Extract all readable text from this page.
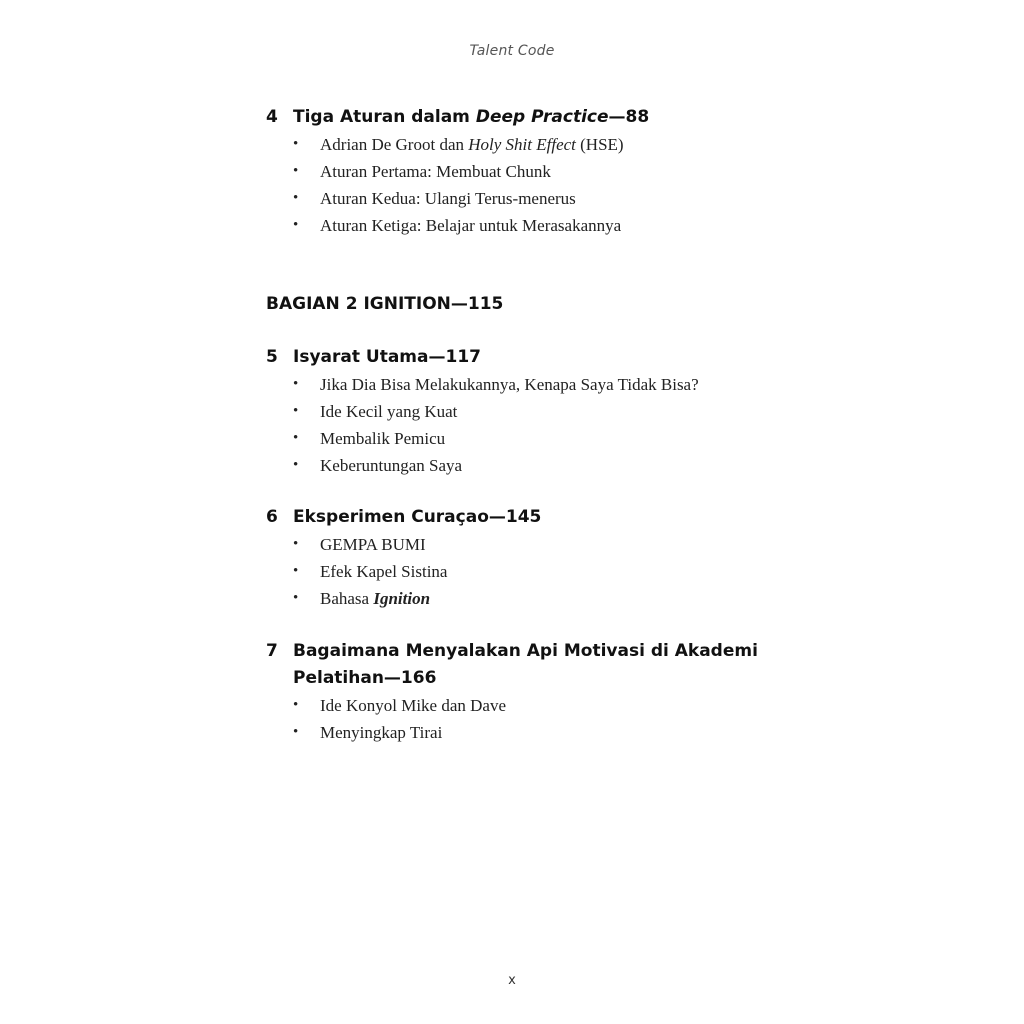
Talent Code
4 Tiga Aturan dalam Deep Practice—88
•	Adrian De Groot dan Holy Shit Effect (HSE)
•	Aturan Pertama: Membuat Chunk
•	Aturan Kedua: Ulangi Terus-menerus
•	Aturan Ketiga: Belajar untuk Merasakannya
BAGIAN 2 IGNITION—115
5 Isyarat Utama—117
•	Jika Dia Bisa Melakukannya, Kenapa Saya Tidak Bisa?
•	Ide Kecil yang Kuat
•	Membalik Pemicu
•	Keberuntungan Saya
6 Eksperimen Curaçao—145
•	GEMPA BUMI
•	Efek Kapel Sistina
•	Bahasa Ignition
7 Bagaimana Menyalakan Api Motivasi di Akademi
Pelatihan—166
•	Ide Konyol Mike dan Dave
•	Menyingkap Tirai
x
